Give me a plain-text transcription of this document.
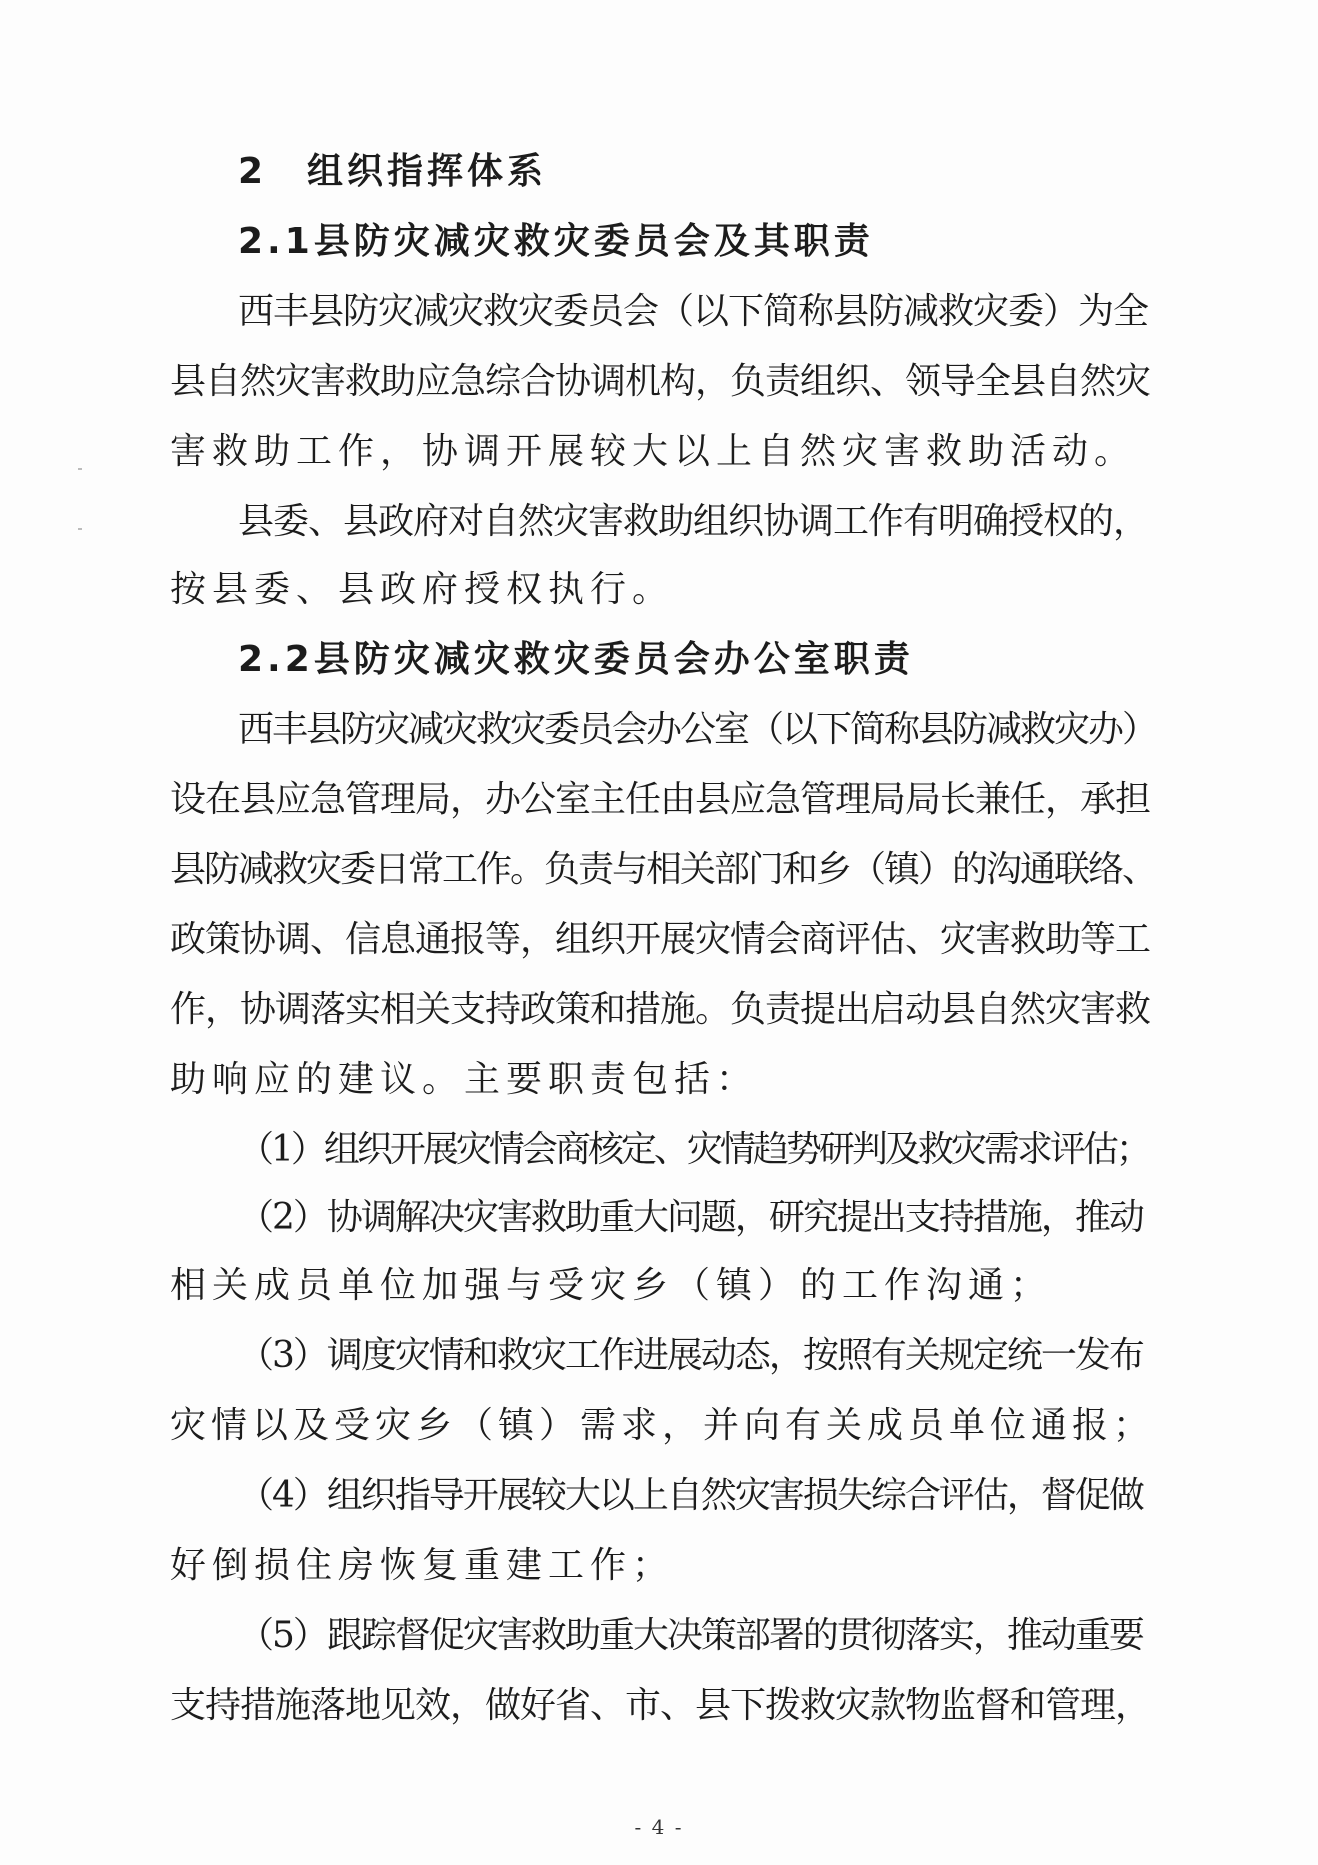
2　组织指挥体系
2.1县防灾减灾救灾委员会及其职责
西丰县防灾减灾救灾委员会（以下简称县防减救灾委）为全
县自然灾害救助应急综合协调机构，负责组织、领导全县自然灾
害救助工作，协调开展较大以上自然灾害救助活动。
县委、县政府对自然灾害救助组织协调工作有明确授权的，
按县委、县政府授权执行。
2.2县防灾减灾救灾委员会办公室职责
西丰县防灾减灾救灾委员会办公室（以下简称县防减救灾办）
设在县应急管理局，办公室主任由县应急管理局局长兼任，承担
县防减救灾委日常工作。负责与相关部门和乡（镇）的沟通联络、
政策协调、信息通报等，组织开展灾情会商评估、灾害救助等工
作，协调落实相关支持政策和措施。负责提出启动县自然灾害救
助响应的建议。主要职责包括：
（1）组织开展灾情会商核定、灾情趋势研判及救灾需求评估；
（2）协调解决灾害救助重大问题，研究提出支持措施，推动
相关成员单位加强与受灾乡（镇）的工作沟通；
（3）调度灾情和救灾工作进展动态，按照有关规定统一发布
灾情以及受灾乡（镇）需求，并向有关成员单位通报；
（4）组织指导开展较大以上自然灾害损失综合评估，督促做
好倒损住房恢复重建工作；
（5）跟踪督促灾害救助重大决策部署的贯彻落实，推动重要
支持措施落地见效，做好省、市、县下拨救灾款物监督和管理，
- 4 -
